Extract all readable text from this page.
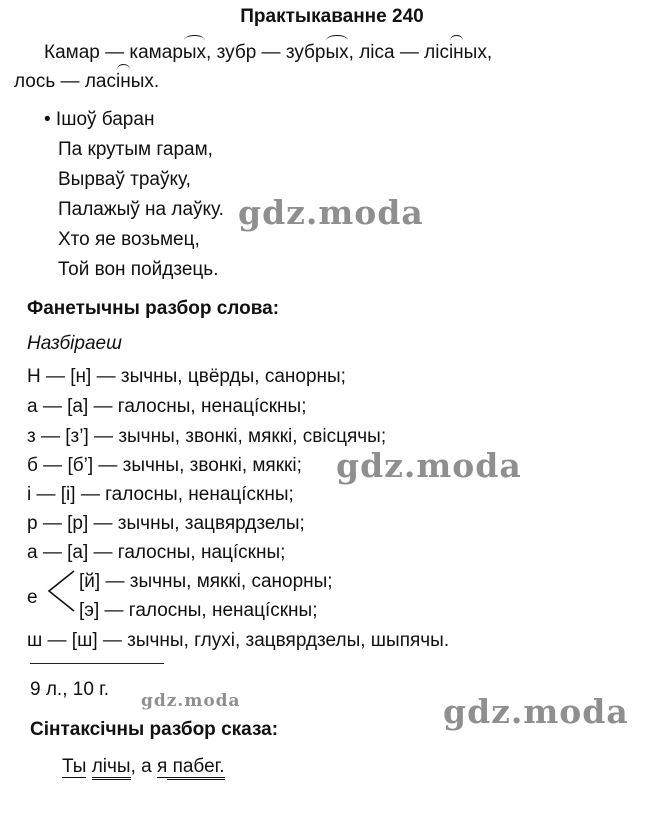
Практыкаванне 240
Камар — камарых, зубр — зубрых, ліса — лісіных,
лось — ласіных.
• Ішоў баран
Па крутым гарам,
Вырваў траўку,
Палажыў на лаўку.
Хто яе возьмец,
Той вон пойдзець.
Фанетычны разбор слова:
Назбіраеш
Н — [н] — зычны, цвёрды, санорны;
а — [а] — галосны, ненацíскны;
з — [з’] — зычны, звонкі, мяккі, свісцячы;
б — [б’] — зычны, звонкі, мяккі;
і — [і] — галосны, ненацíскны;
р — [р] — зычны, зацвярдзелы;
а — [а] — галосны, нацíскны;
е
[й] — зычны, мяккі, санорны;
[э] — галосны, ненацíскны;
ш — [ш] — зычны, глухі, зацвярдзелы, шыпячы.
9 л., 10 г.
Сінтаксічны разбор сказа:
Ты лічы, а я пабег.
gdz.moda
gdz.moda
gdz.moda	gdz.moda
